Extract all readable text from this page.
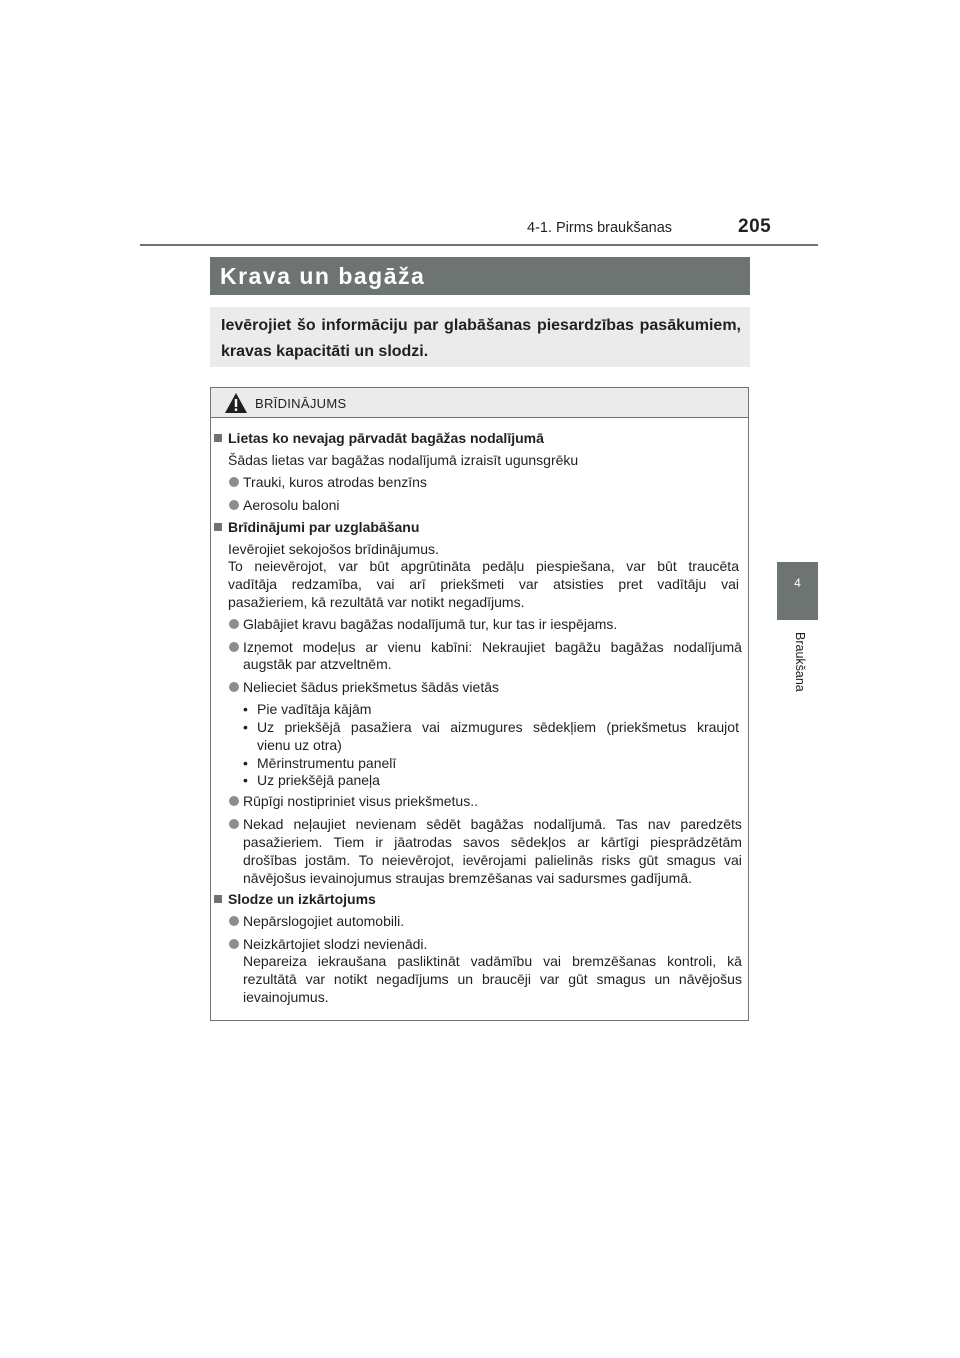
4-1. Pirms braukšanas	205
4
Braukšana
Krava un bagāža
Ievērojiet šo informāciju par glabāšanas piesardzības pasākumiem, kravas kapacitāti un slodzi.
BRĪDINĀJUMS
Lietas ko nevajag pārvadāt bagāžas nodalījumā
Šādas lietas var bagāžas nodalījumā izraisīt ugunsgrēku
Trauki, kuros atrodas benzīns
Aerosolu baloni
Brīdinājumi par uzglabāšanu
Ievērojiet sekojošos brīdinājumus.
To neievērojot, var būt apgrūtināta pedāļu piespiešana, var būt traucēta
vadītāja redzamība, vai arī priekšmeti var atsisties pret vadītāju vai
pasažieriem, kā rezultātā var notikt negadījums.
Glabājiet kravu bagāžas nodalījumā tur, kur tas ir iespējams.
Izņemot modeļus ar vienu kabīni: Nekraujiet bagāžu bagāžas nodalījumā
augstāk par atzveltnēm.
Nelieciet šādus priekšmetus šādās vietās
• Pie vadītāja kājām
• Uz priekšējā pasažiera vai aizmugures sēdekļiem (priekšmetus kraujot
vienu uz otra)
• Mērinstrumentu panelī
• Uz priekšējā paneļa
Rūpīgi nostipriniet visus priekšmetus..
Nekad neļaujiet nevienam sēdēt bagāžas nodalījumā. Tas nav paredzēts
pasažieriem. Tiem ir jāatrodas savos sēdekļos ar kārtīgi piesprādzētām
drošības jostām. To neievērojot, ievērojami palielinās risks gūt smagus vai
nāvējošus ievainojumus straujas bremzēšanas vai sadursmes gadījumā.
Slodze un izkārtojums
Nepārslogojiet automobili.
Neizkārtojiet slodzi nevienādi.
Nepareiza iekraušana pasliktināt vadāmību vai bremzēšanas kontroli, kā
rezultātā var notikt negadījums un braucēji var gūt smagus un nāvējošus
ievainojumus.
